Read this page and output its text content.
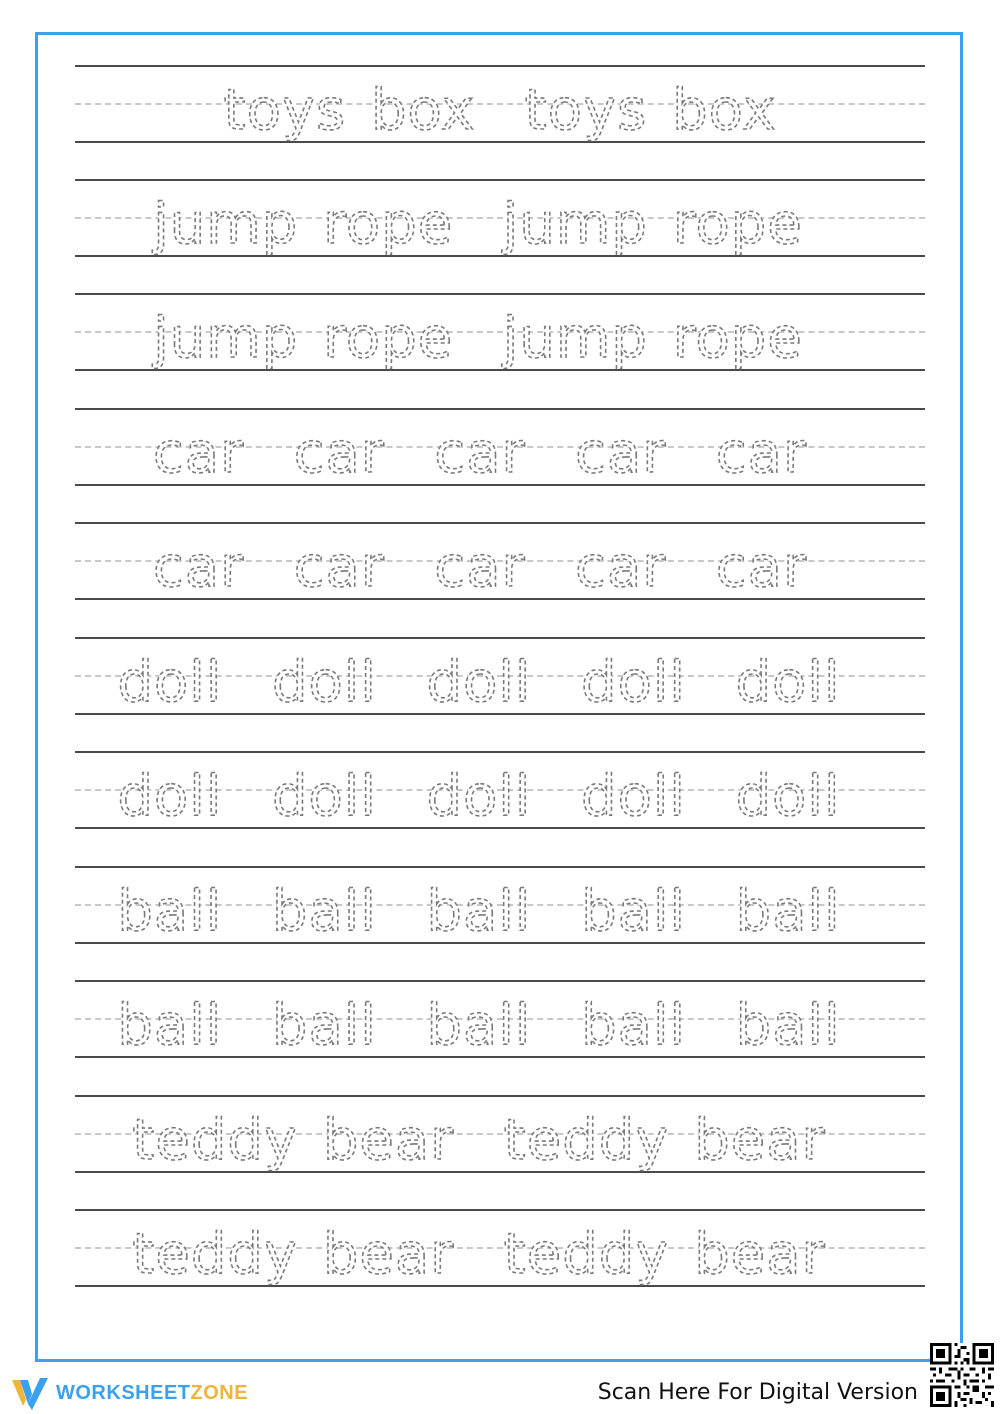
toys box  toys box
jump rope  jump rope
jump rope  jump rope
car  car  car  car  car
car  car  car  car  car
doll  doll  doll  doll  doll
doll  doll  doll  doll  doll
ball  ball  ball  ball  ball
ball  ball  ball  ball  ball
teddy bear  teddy bear
teddy bear  teddy bear
WORKSHEETZONE	Scan Here For Digital Version
